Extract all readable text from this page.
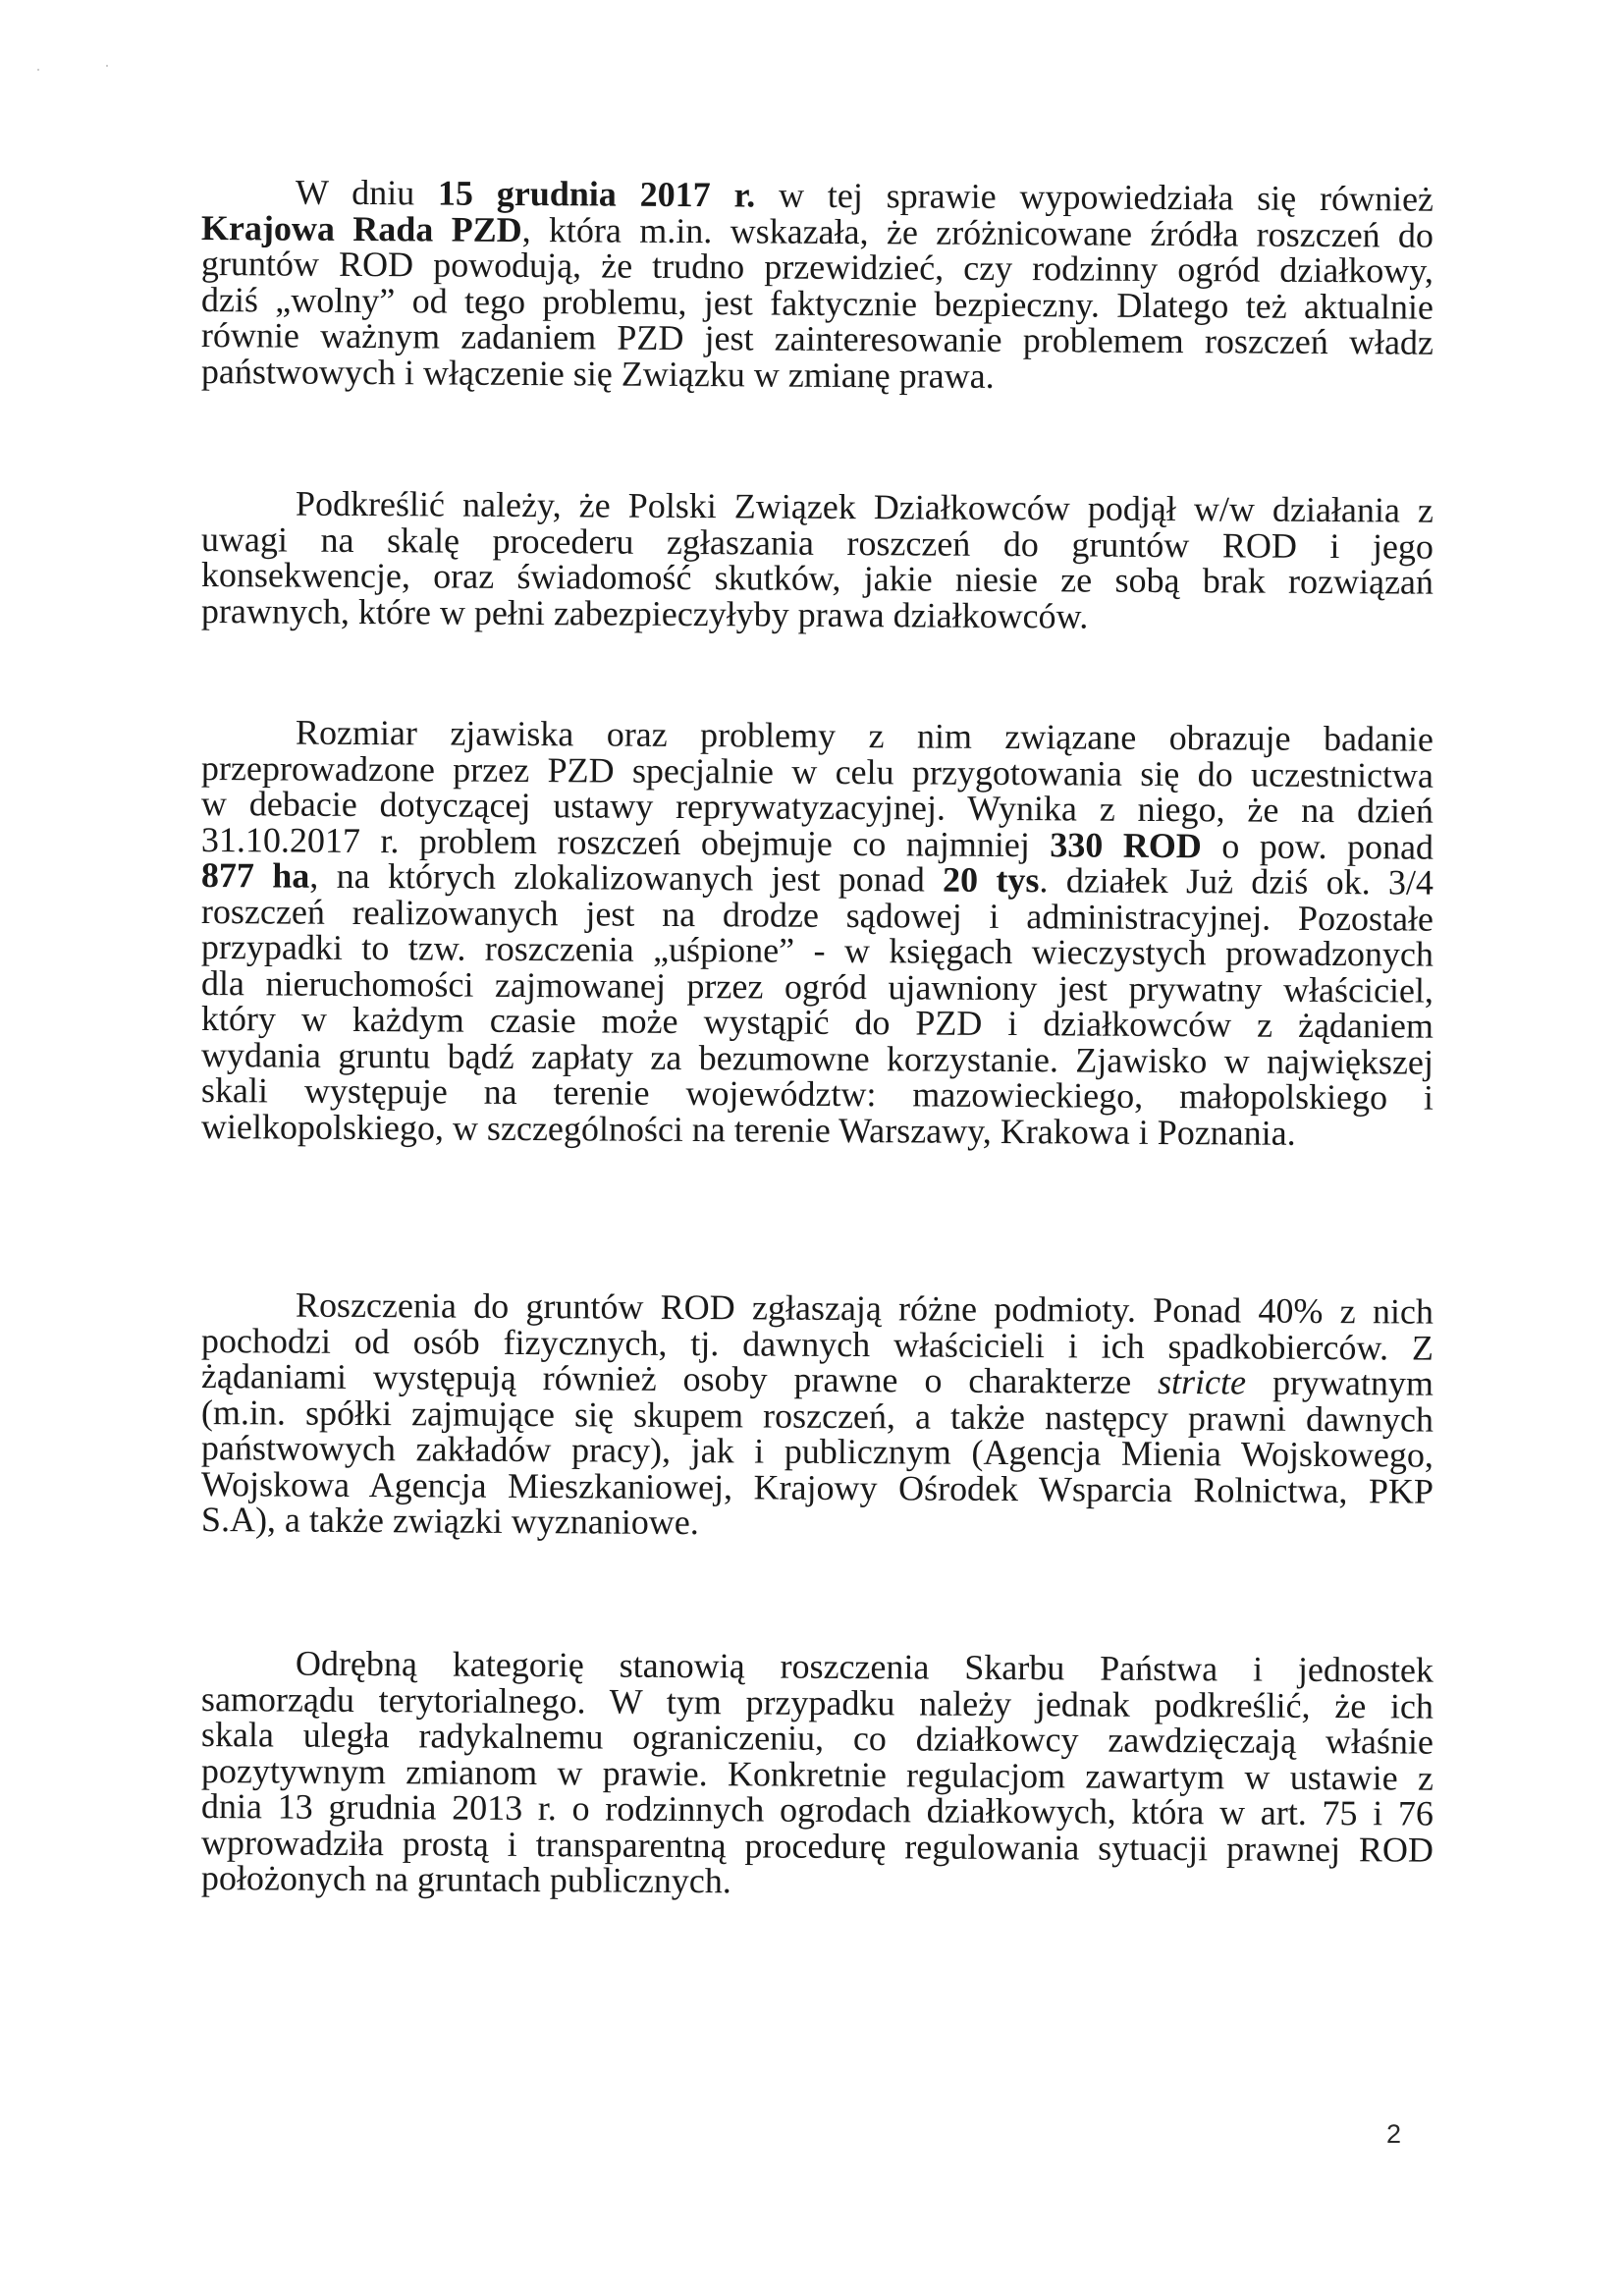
W dniu 15 grudnia 2017 r. w tej sprawie wypowiedziała się również
Krajowa Rada PZD, która m.in. wskazała, że zróżnicowane źródła roszczeń do
gruntów ROD powodują, że trudno przewidzieć, czy rodzinny ogród działkowy,
dziś „wolny” od tego problemu, jest faktycznie bezpieczny. Dlatego też aktualnie
równie ważnym zadaniem PZD jest zainteresowanie problemem roszczeń władz
państwowych i włączenie się Związku w zmianę prawa.
Podkreślić należy, że Polski Związek Działkowców podjął w/w działania z
uwagi na skalę procederu zgłaszania roszczeń do gruntów ROD i jego
konsekwencje, oraz świadomość skutków, jakie niesie ze sobą brak rozwiązań
prawnych, które w pełni zabezpieczyłyby prawa działkowców.
Rozmiar zjawiska oraz problemy z nim związane obrazuje badanie
przeprowadzone przez PZD specjalnie w celu przygotowania się do uczestnictwa
w debacie dotyczącej ustawy reprywatyzacyjnej. Wynika z niego, że na dzień
31.10.2017 r. problem roszczeń obejmuje co najmniej 330 ROD o pow. ponad
877 ha, na których zlokalizowanych jest ponad 20 tys. działek Już dziś ok. 3/4
roszczeń realizowanych jest na drodze sądowej i administracyjnej. Pozostałe
przypadki to tzw. roszczenia „uśpione” - w księgach wieczystych prowadzonych
dla nieruchomości zajmowanej przez ogród ujawniony jest prywatny właściciel,
który w każdym czasie może wystąpić do PZD i działkowców z żądaniem
wydania gruntu bądź zapłaty za bezumowne korzystanie. Zjawisko w największej
skali występuje na terenie województw: mazowieckiego, małopolskiego i
wielkopolskiego, w szczególności na terenie Warszawy, Krakowa i Poznania.
Roszczenia do gruntów ROD zgłaszają różne podmioty. Ponad 40% z nich
pochodzi od osób fizycznych, tj. dawnych właścicieli i ich spadkobierców. Z
żądaniami występują również osoby prawne o charakterze stricte prywatnym
(m.in. spółki zajmujące się skupem roszczeń, a także następcy prawni dawnych
państwowych zakładów pracy), jak i publicznym (Agencja Mienia Wojskowego,
Wojskowa Agencja Mieszkaniowej, Krajowy Ośrodek Wsparcia Rolnictwa, PKP
S.A), a także związki wyznaniowe.
Odrębną kategorię stanowią roszczenia Skarbu Państwa i jednostek
samorządu terytorialnego. W tym przypadku należy jednak podkreślić, że ich
skala uległa radykalnemu ograniczeniu, co działkowcy zawdzięczają właśnie
pozytywnym zmianom w prawie. Konkretnie regulacjom zawartym w ustawie z
dnia 13 grudnia 2013 r. o rodzinnych ogrodach działkowych, która w art. 75 i 76
wprowadziła prostą i transparentną procedurę regulowania sytuacji prawnej ROD
położonych na gruntach publicznych.
2
